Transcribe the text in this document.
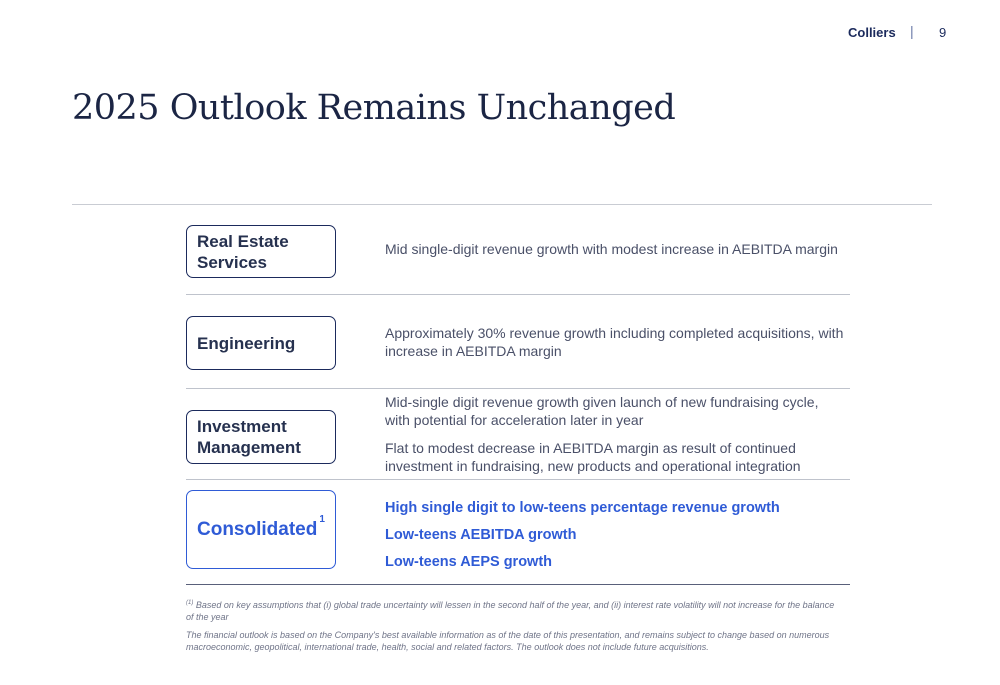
Colliers | 9
2025 Outlook Remains Unchanged
Real Estate
Services
Mid single-digit revenue growth with modest increase in AEBITDA margin
Engineering
Approximately 30% revenue growth including completed acquisitions, with increase in AEBITDA margin
Investment
Management
Mid-single digit revenue growth given launch of new fundraising cycle, with potential for acceleration later in year
Flat to modest decrease in AEBITDA margin as result of continued investment in fundraising, new products and operational integration
Consolidated$^1$
High single digit to low-teens percentage revenue growth
Low-teens AEBITDA growth
Low-teens AEPS growth
$^{(1)}$ Based on key assumptions that (i) global trade uncertainty will lessen in the second half of the year, and (ii) interest rate volatility will not increase for the balance of the year
The financial outlook is based on the Company's best available information as of the date of this presentation, and remains subject to change based on numerous macroeconomic, geopolitical, international trade, health, social and related factors. The outlook does not include future acquisitions.
